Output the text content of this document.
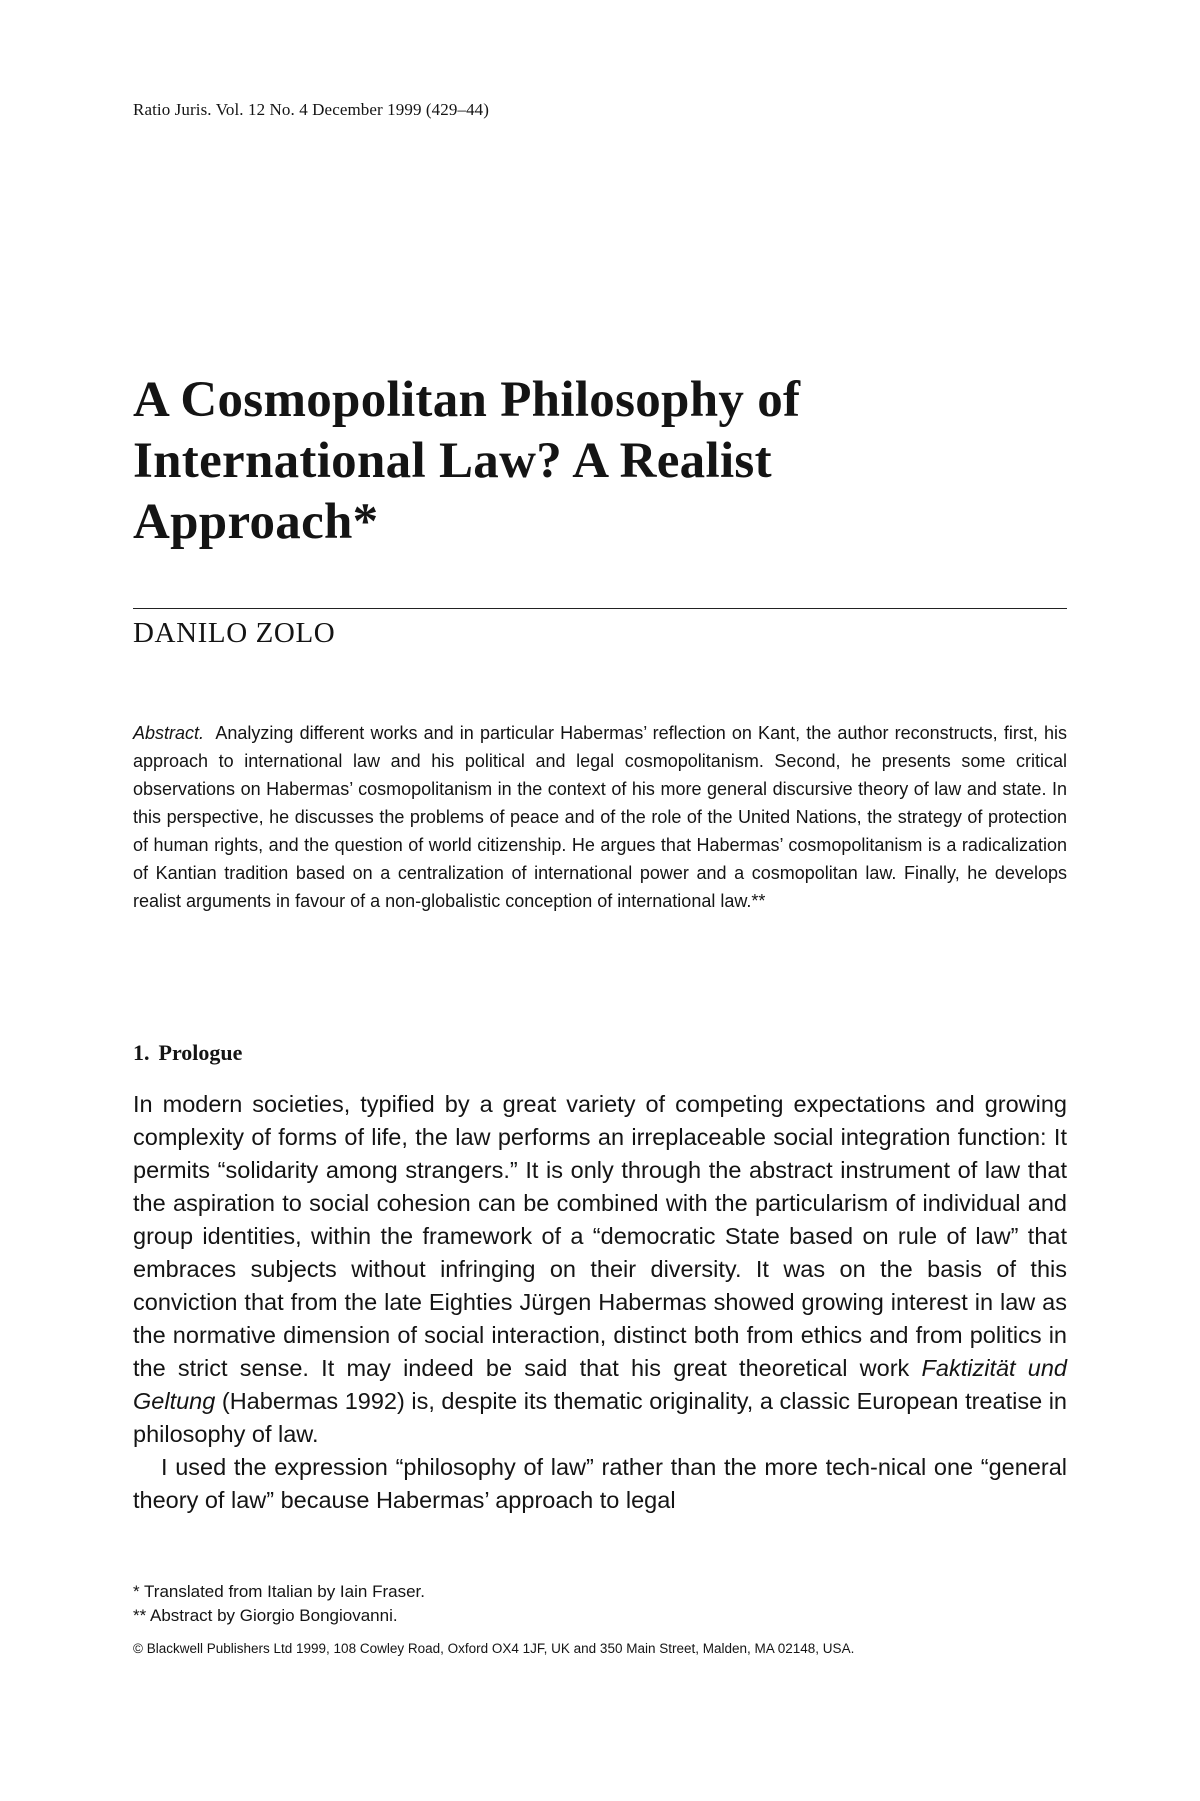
Ratio Juris. Vol. 12 No. 4 December 1999 (429–44)
A Cosmopolitan Philosophy of
International Law? A Realist
Approach*
DANILO ZOLO

Abstract. Analyzing different works and in particular Habermas’ reflection on Kant, the author reconstructs, first, his approach to international law and his political and legal cosmopolitanism. Second, he presents some critical observations on Habermas’ cosmopolitanism in the context of his more general discursive theory of law and state. In this perspective, he discusses the problems of peace and of the role of the United Nations, the strategy of protection of human rights, and the question of world citizenship. He argues that Habermas’ cosmopolitanism is a radicalization of Kantian tradition based on a centralization of international power and a cosmopolitan law. Finally, he develops realist arguments in favour of a non-globalistic conception of international law.**

1. Prologue

In modern societies, typified by a great variety of competing expectations and growing complexity of forms of life, the law performs an irreplaceable social integration function: It permits “solidarity among strangers.” It is only through the abstract instrument of law that the aspiration to social cohesion can be combined with the particularism of individual and group identities, within the framework of a “democratic State based on rule of law” that embraces subjects without infringing on their diversity. It was on the basis of this conviction that from the late Eighties Jürgen Habermas showed growing interest in law as the normative dimension of social interaction, distinct both from ethics and from politics in the strict sense. It may indeed be said that his great theoretical work Faktizität und Geltung (Habermas 1992) is, despite its thematic originality, a classic European treatise in philosophy of law.

I used the expression “philosophy of law” rather than the more tech-nical one “general theory of law” because Habermas’ approach to legal

* Translated from Italian by Iain Fraser.
** Abstract by Giorgio Bongiovanni.
© Blackwell Publishers Ltd 1999, 108 Cowley Road, Oxford OX4 1JF, UK and 350 Main Street, Malden, MA 02148, USA.
